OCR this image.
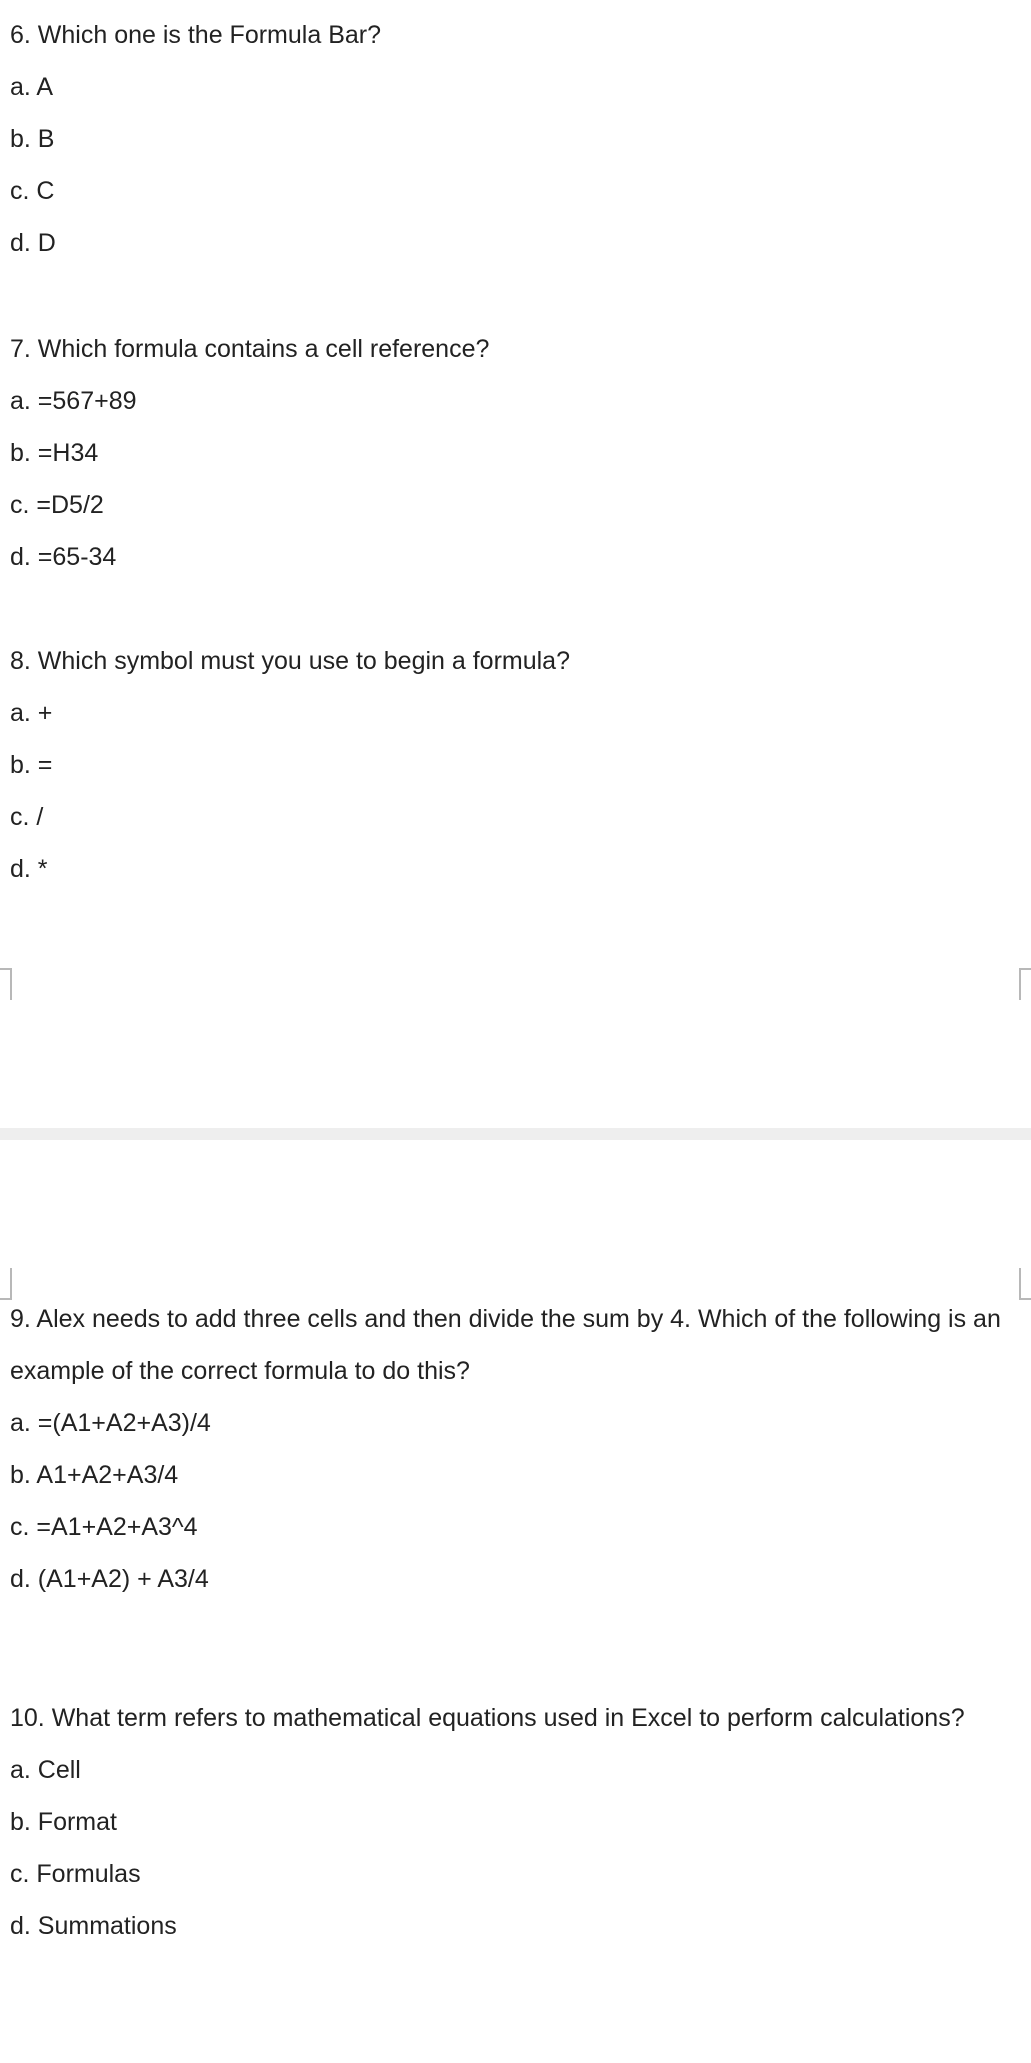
6. Which one is the Formula Bar?

a. A
b. B
c. C
d. D

7. Which formula contains a cell reference?

a. =567+89
b. =H34
c. =D5/2
d. =65-34

8. Which symbol must you use to begin a formula?

a. +
b. =
c. /
d. *

9. Alex needs to add three cells and then divide the sum by 4. Which of the following is an

example of the correct formula to do this?

a. =(A1+A2+A3)/4
b. A1+A2+A3/4
c. =A1+A2+A3^4
d. (A1+A2) + A3/4

10. What term refers to mathematical equations used in Excel to perform calculations?

a. Cell
b. Format
c. Formulas
d. Summations
